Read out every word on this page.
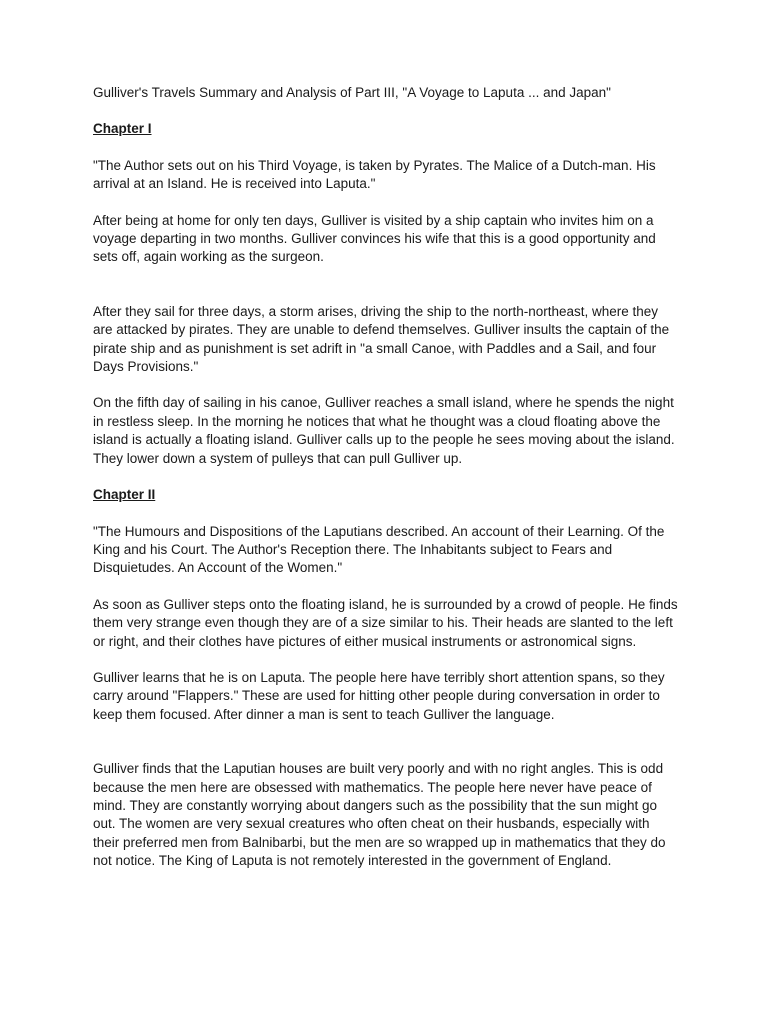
Gulliver's Travels Summary and Analysis of Part III, "A Voyage to Laputa ... and Japan"

Chapter I

"The Author sets out on his Third Voyage, is taken by Pyrates. The Malice of a Dutch-man. His arrival at an Island. He is received into Laputa."

After being at home for only ten days, Gulliver is visited by a ship captain who invites him on a voyage departing in two months. Gulliver convinces his wife that this is a good opportunity and sets off, again working as the surgeon.

After they sail for three days, a storm arises, driving the ship to the north-northeast, where they are attacked by pirates. They are unable to defend themselves. Gulliver insults the captain of the pirate ship and as punishment is set adrift in "a small Canoe, with Paddles and a Sail, and four Days Provisions."

On the fifth day of sailing in his canoe, Gulliver reaches a small island, where he spends the night in restless sleep. In the morning he notices that what he thought was a cloud floating above the island is actually a floating island. Gulliver calls up to the people he sees moving about the island. They lower down a system of pulleys that can pull Gulliver up.

Chapter II

"The Humours and Dispositions of the Laputians described. An account of their Learning. Of the King and his Court. The Author's Reception there. The Inhabitants subject to Fears and Disquietudes. An Account of the Women."

As soon as Gulliver steps onto the floating island, he is surrounded by a crowd of people. He finds them very strange even though they are of a size similar to his. Their heads are slanted to the left or right, and their clothes have pictures of either musical instruments or astronomical signs.

Gulliver learns that he is on Laputa. The people here have terribly short attention spans, so they carry around "Flappers." These are used for hitting other people during conversation in order to keep them focused. After dinner a man is sent to teach Gulliver the language.

Gulliver finds that the Laputian houses are built very poorly and with no right angles. This is odd because the men here are obsessed with mathematics. The people here never have peace of mind. They are constantly worrying about dangers such as the possibility that the sun might go out. The women are very sexual creatures who often cheat on their husbands, especially with their preferred men from Balnibarbi, but the men are so wrapped up in mathematics that they do not notice. The King of Laputa is not remotely interested in the government of England.
